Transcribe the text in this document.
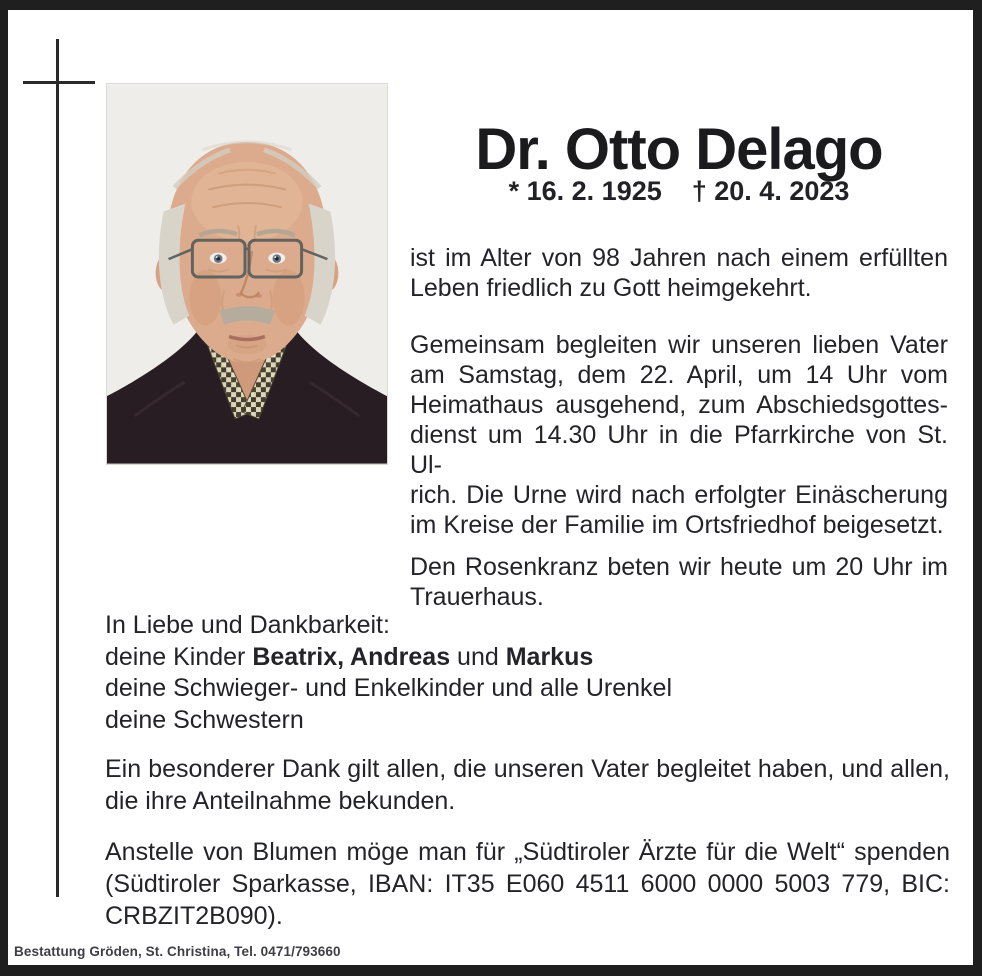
Dr. Otto Delago
* 16. 2. 1925 † 20. 4. 2023
ist im Alter von 98 Jahren nach einem erfüllten
Leben friedlich zu Gott heimgekehrt.
Gemeinsam begleiten wir unseren lieben Vater
am Samstag, dem 22. April, um 14 Uhr vom
Heimathaus ausgehend, zum Abschiedsgottes-
dienst um 14.30 Uhr in die Pfarrkirche von St. Ul-
rich. Die Urne wird nach erfolgter Einäscherung
im Kreise der Familie im Ortsfriedhof beigesetzt.
Den Rosenkranz beten wir heute um 20 Uhr im
Trauerhaus.
In Liebe und Dankbarkeit:
deine Kinder Beatrix, Andreas und Markus
deine Schwieger- und Enkelkinder und alle Urenkel
deine Schwestern
Ein besonderer Dank gilt allen, die unseren Vater begleitet haben, und allen,
die ihre Anteilnahme bekunden.
Anstelle von Blumen möge man für „Südtiroler Ärzte für die Welt“ spenden
(Südtiroler Sparkasse, IBAN: IT35 E060 4511 6000 0000 5003 779, BIC:
CRBZIT2B090).
Bestattung Gröden, St. Christina, Tel. 0471/793660
